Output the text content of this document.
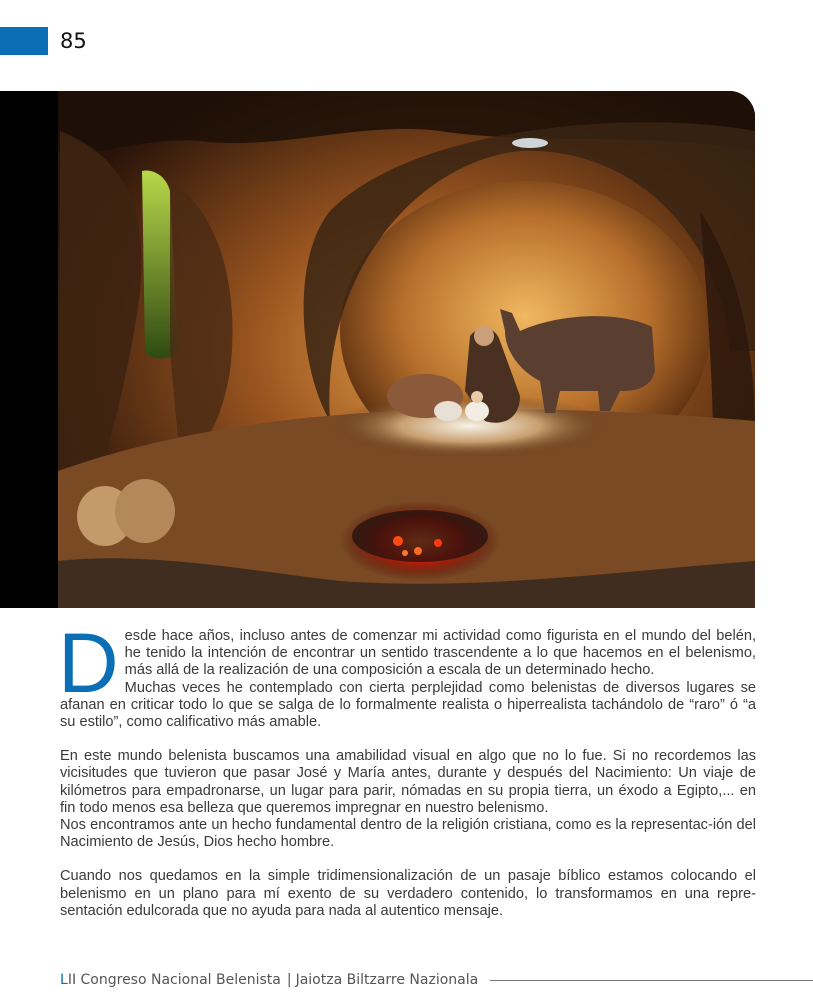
85
D esde hace años, incluso antes de comenzar mi actividad como figurista en el mundo del belén, he tenido la intención de encontrar un sentido trascendente a lo que hacemos en el belenismo, más allá de la realización de una composición a escala de un determinado hecho.

Muchas veces he contemplado con cierta perplejidad como belenistas de diversos lugares se afanan en criticar todo lo que se salga de lo formalmente realista o hiperrealista tachándolo de “raro” ó “a su estilo”, como calificativo más amable.

En este mundo belenista buscamos una amabilidad visual en algo que no lo fue. Si no recordemos las vicisitudes que tuvieron que pasar José y María antes, durante y después del Nacimiento: Un viaje de kilómetros para empadronarse, un lugar para parir, nómadas en su propia tierra, un éxodo a Egipto,... en fin todo menos esa belleza que queremos impregnar en nuestro belenismo.

Nos encontramos ante un hecho fundamental dentro de la religión cristiana, como es la representac-ión del Nacimiento de Jesús, Dios hecho hombre.

Cuando nos quedamos en la simple tridimensionalización de un pasaje bíblico estamos colocando el belenismo en un plano para mí exento de su verdadero contenido, lo transformamos en una repre-sentación edulcorada que no ayuda para nada al autentico mensaje.

L II Congreso Nacional Belenista | Jaiotza Biltzarre Nazionala
